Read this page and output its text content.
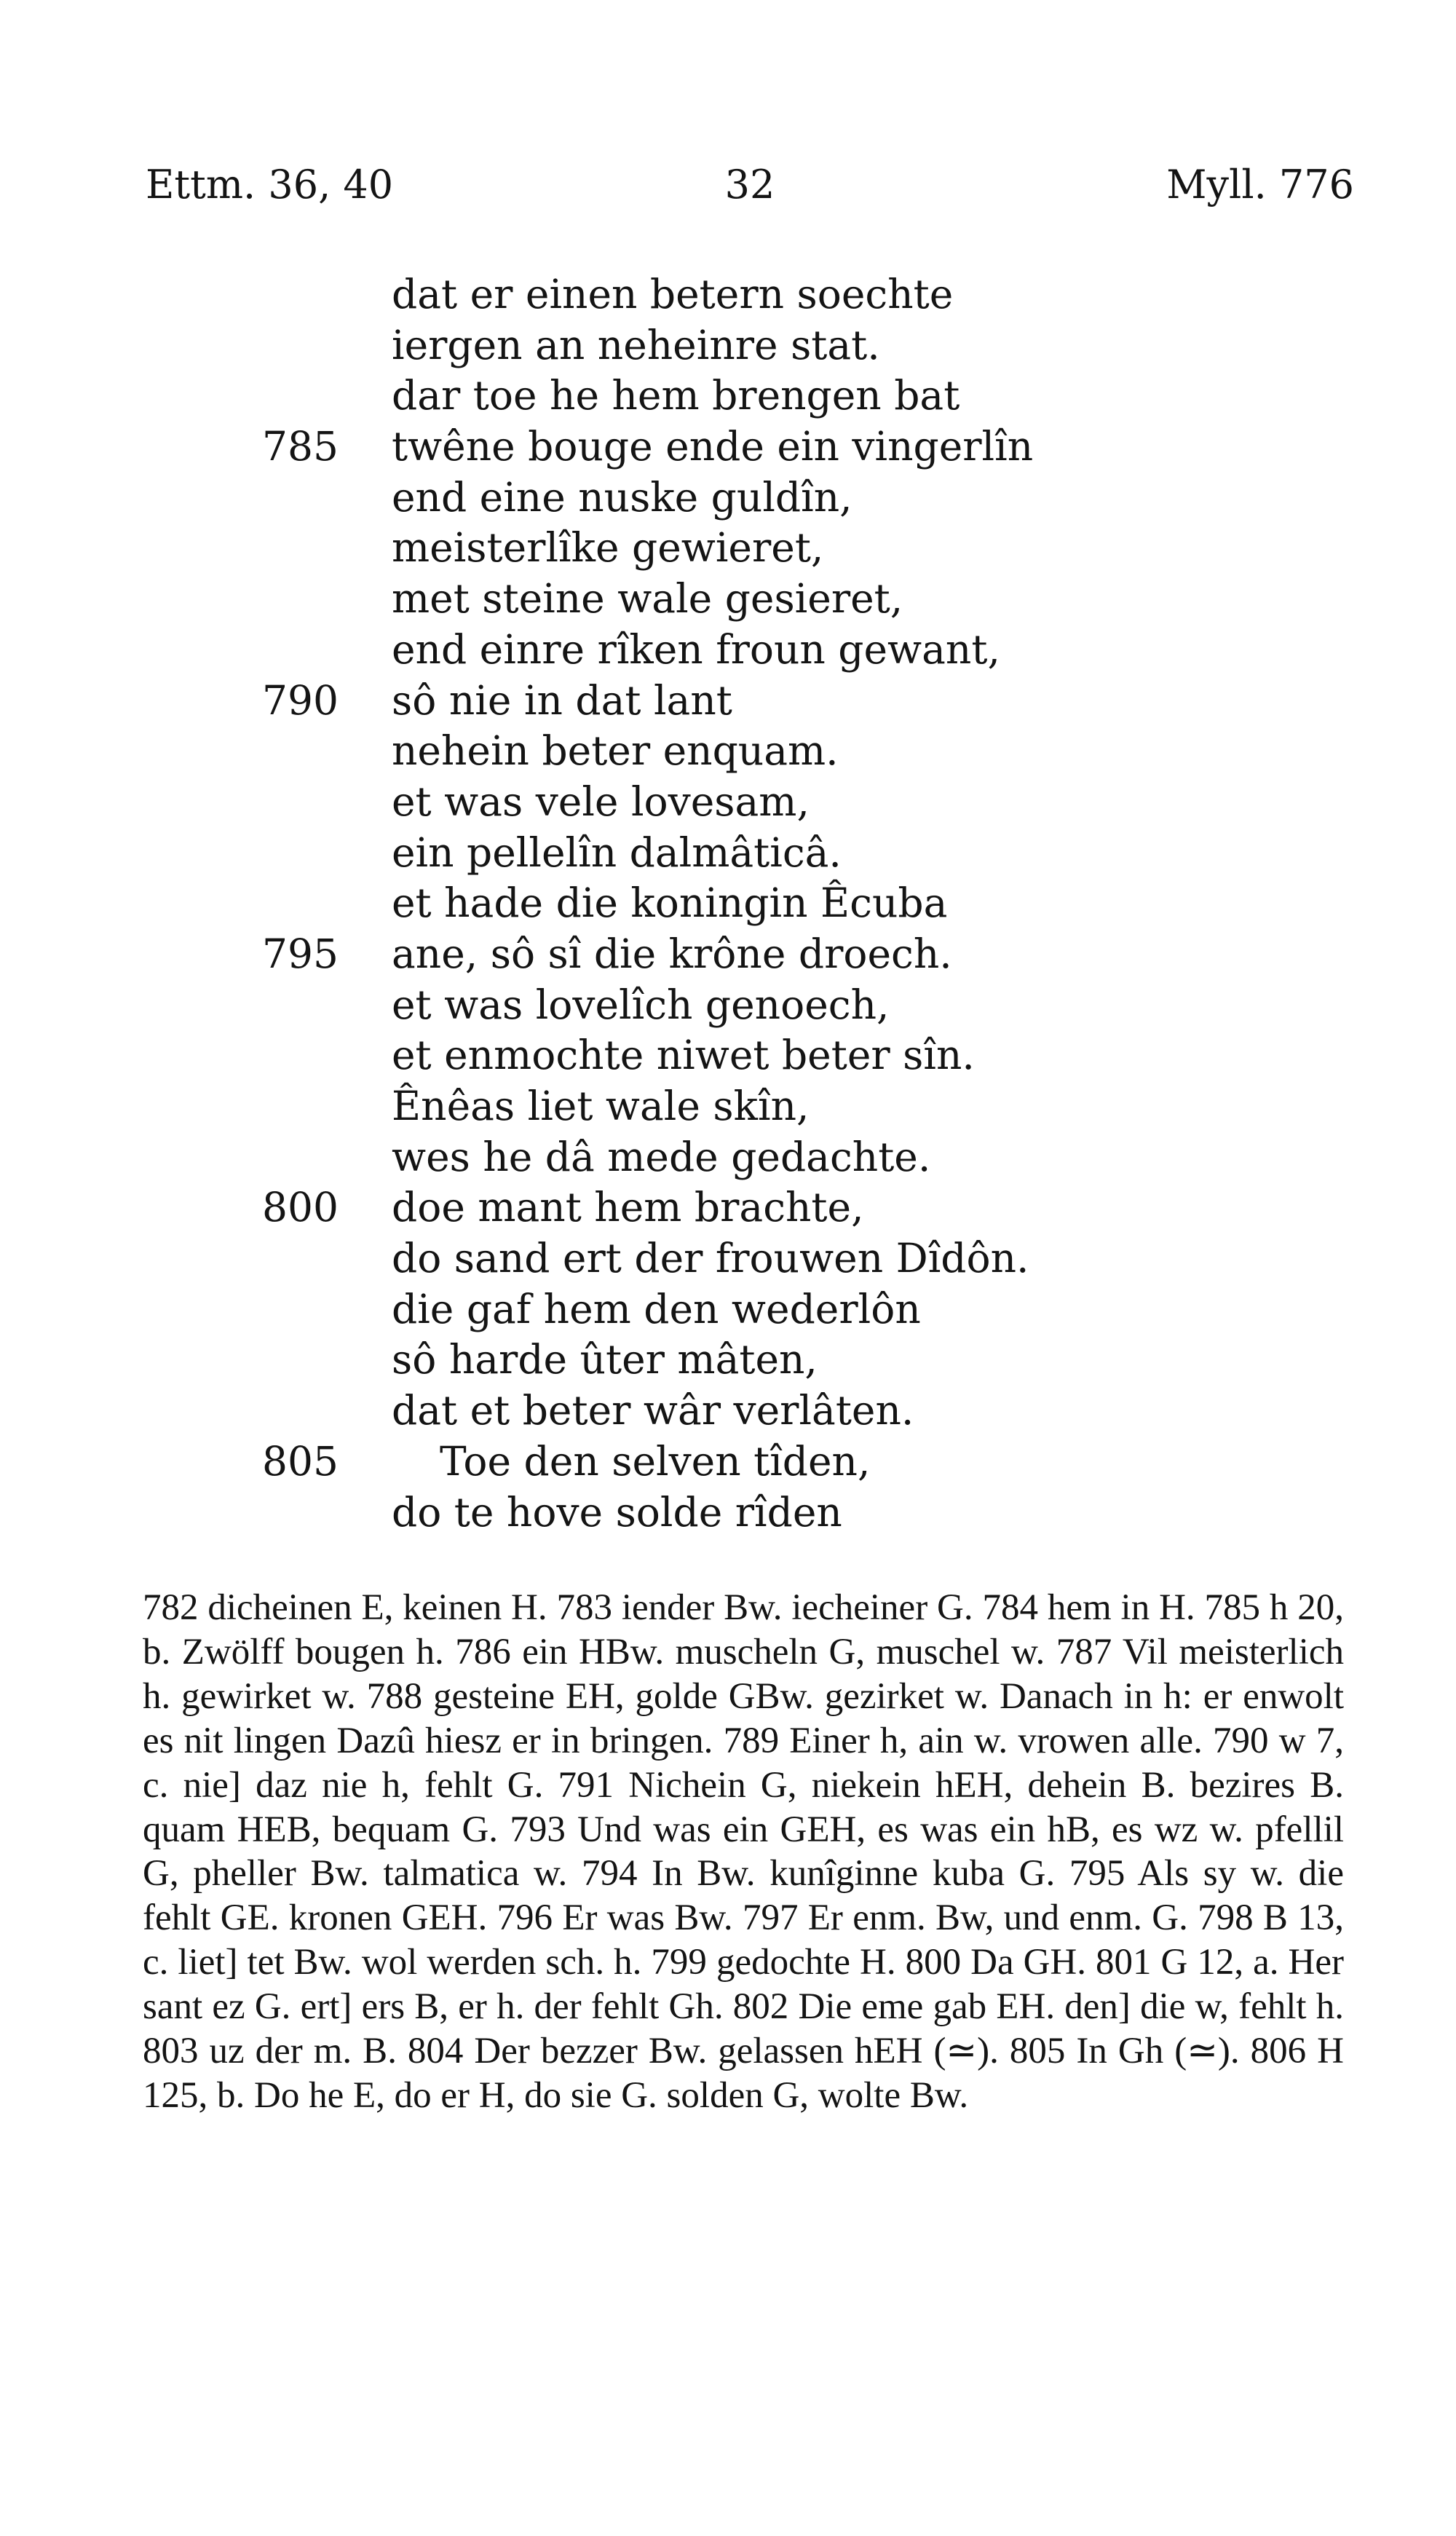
Ettm. 36, 40	32	Myll. 776
dat er einen betern soechte
iergen an neheinre stat.
dar toe he hem brengen bat
785 twêne bouge ende ein vingerlîn
end eine nuske guldîn,
meisterlîke gewieret,
met steine wale gesieret,
end einre rîken froun gewant,
790 sô nie in dat lant
nehein beter enquam.
et was vele lovesam,
ein pellelîn dalmâticâ.
et hade die koningin Êcuba
795 ane, sô sî die krône droech.
et was lovelîch genoech,
et enmochte niwet beter sîn.
Ênêas liet wale skîn,
wes he dâ mede gedachte.
800 doe mant hem brachte,
do sand ert der frouwen Dîdôn.
die gaf hem den wederlôn
sô harde ûter mâten,
dat et beter wâr verlâten.
805	Toe den selven tîden,
do te hove solde rîden
782 dicheinen E, keinen H. 783 iender Bw. iecheiner G. 784 hem in H. 785 h 20, b. Zwölff bougen h. 786 ein HBw. muscheln G, muschel w. 787 Vil meisterlich h. gewirket w. 788 gesteine EH, golde GBw. gezirket w. Danach in h: er enwolt es nit lingen Dazû hiesz er in bringen. 789 Einer h, ain w. vrowen alle. 790 w 7, c. nie] daz nie h, fehlt G. 791 Nichein G, niekein hEH, dehein B. bezires B. quam HEB, bequam G. 793 Und was ein GEH, es was ein hB, es wz w. pfellil G, pheller Bw. talmatica w. 794 In Bw. kunîginne kuba G. 795 Als sy w. die fehlt GE. kronen GEH. 796 Er was Bw. 797 Er enm. Bw, und enm. G. 798 B 13, c. liet] tet Bw. wol werden sch. h. 799 gedochte H. 800 Da GH. 801 G 12, a. Her sant ez G. ert] ers B, er h. der fehlt Gh. 802 Die eme gab EH. den] die w, fehlt h. 803 uz der m. B. 804 Der bezzer Bw. gelassen hEH (≃). 805 In Gh (≃). 806 H 125, b. Do he E, do er H, do sie G. solden G, wolte Bw.
